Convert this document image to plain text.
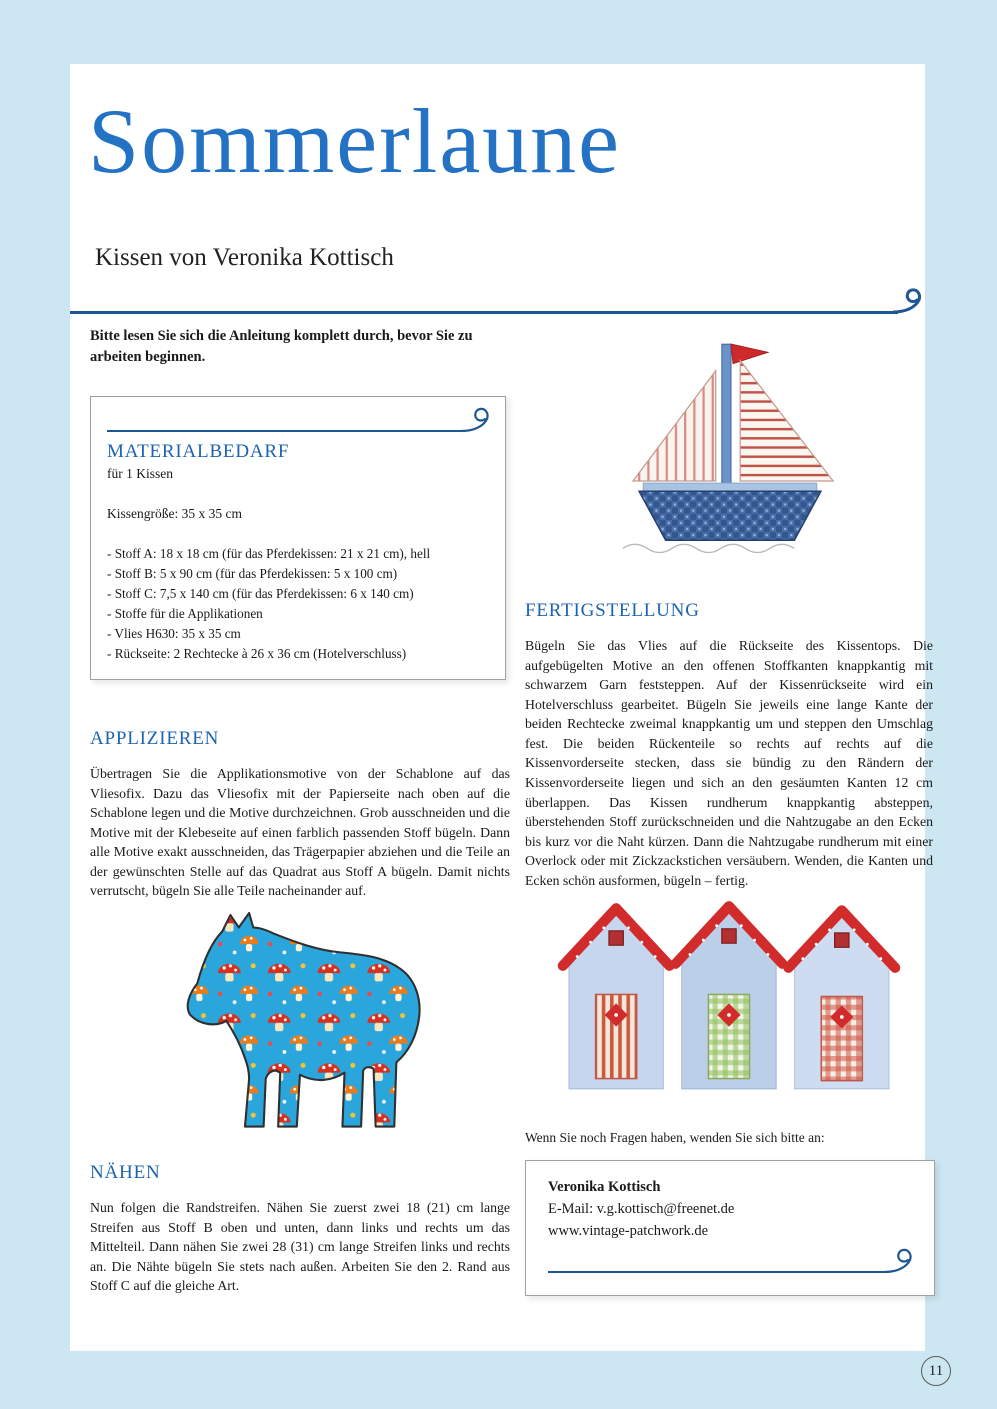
Sommerlaune
Kissen von Veronika Kottisch

Bitte lesen Sie sich die Anleitung komplett durch, bevor Sie zu arbeiten beginnen.

MATERIALBEDARF
für 1 Kissen
Kissengröße: 35 x 35 cm
- Stoff A: 18 x 18 cm (für das Pferdekissen: 21 x 21 cm), hell
- Stoff B: 5 x 90 cm (für das Pferdekissen: 5 x 100 cm)
- Stoff C: 7,5 x 140 cm (für das Pferdekissen: 6 x 140 cm)
- Stoffe für die Applikationen
- Vlies H630: 35 x 35 cm
- Rückseite: 2 Rechtecke à 26 x 36 cm (Hotelverschluss)
FERTIGSTELLUNG

Bügeln Sie das Vlies auf die Rückseite des Kissentops. Die aufgebügelten Motive an den offenen Stoffkanten knappkantig mit schwarzem Garn feststeppen. Auf der Kissenrückseite wird ein Hotelverschluss gearbeitet. Bügeln Sie jeweils eine lange Kante der beiden Rechtecke zweimal knappkantig um und steppen den Umschlag fest. Die beiden Rückenteile so rechts auf rechts auf die Kissenvorderseite stecken, dass sie bündig zu den Rändern der Kissenvorderseite liegen und sich an den gesäumten Kanten 12 cm überlappen. Das Kissen rundherum knappkantig absteppen, überstehenden Stoff zurückschneiden und die Nahtzugabe an den Ecken bis kurz vor die Naht kürzen. Dann die Nahtzugabe rundherum mit einer Overlock oder mit Zickzackstichen versäubern. Wenden, die Kanten und Ecken schön ausformen, bügeln – fertig.

APPLIZIEREN

Übertragen Sie die Applikationsmotive von der Schablone auf das Vliesofix. Dazu das Vliesofix mit der Papierseite nach oben auf die Schablone legen und die Motive durchzeichnen. Grob ausschneiden und die Motive mit der Klebeseite auf einen farblich passenden Stoff bügeln. Dann alle Motive exakt ausschneiden, das Trägerpapier abziehen und die Teile an der gewünschten Stelle auf das Quadrat aus Stoff A bügeln. Damit nichts verrutscht, bügeln Sie alle Teile nacheinander auf.

Wenn Sie noch Fragen haben, wenden Sie sich bitte an:
Veronika Kottisch
E-Mail: v.g.kottisch@freenet.de
www.vintage-patchwork.de
NÄHEN

Nun folgen die Randstreifen. Nähen Sie zuerst zwei 18 (21) cm lange Streifen aus Stoff B oben und unten, dann links und rechts um das Mittelteil. Dann nähen Sie zwei 28 (31) cm lange Streifen links und rechts an. Die Nähte bügeln Sie stets nach außen. Arbeiten Sie den 2. Rand aus Stoff C auf die gleiche Art.

11
